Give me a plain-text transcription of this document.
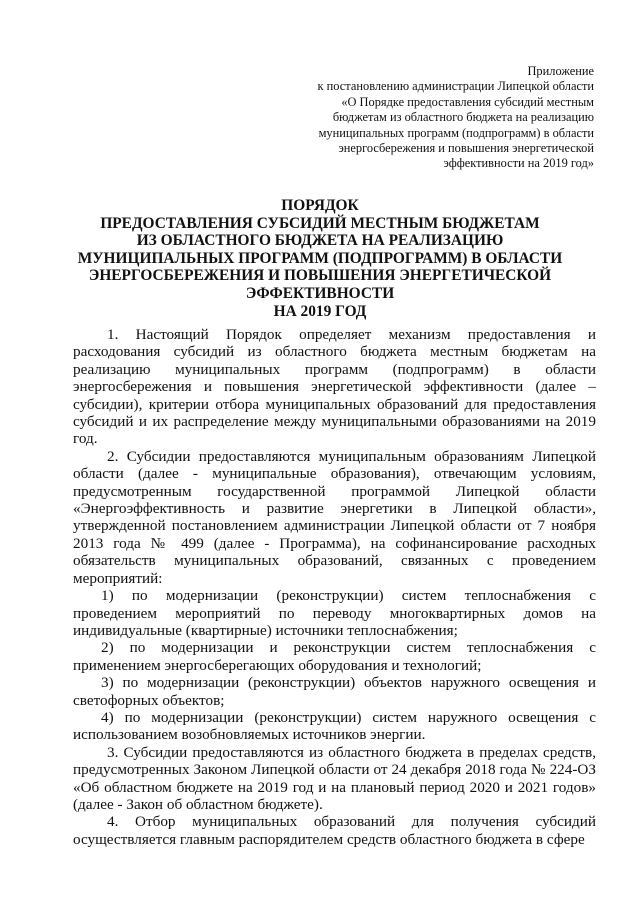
Приложение
к постановлению администрации Липецкой области
«О Порядке предоставления субсидий местным
бюджетам из областного бюджета на реализацию
муниципальных программ (подпрограмм) в области
энергосбережения и повышения энергетической
эффективности на 2019 год»
ПОРЯДОК
ПРЕДОСТАВЛЕНИЯ СУБСИДИЙ МЕСТНЫМ БЮДЖЕТАМ
ИЗ ОБЛАСТНОГО БЮДЖЕТА НА РЕАЛИЗАЦИЮ
МУНИЦИПАЛЬНЫХ ПРОГРАММ (ПОДПРОГРАММ) В ОБЛАСТИ
ЭНЕРГОСБЕРЕЖЕНИЯ И ПОВЫШЕНИЯ ЭНЕРГЕТИЧЕСКОЙ
ЭФФЕКТИВНОСТИ
НА 2019 ГОД

1. Настоящий Порядок определяет механизм предоставления и расходования субсидий из областного бюджета местным бюджетам на реализацию муниципальных программ (подпрограмм) в области энергосбережения и повышения энергетической эффективности (далее – субсидии), критерии отбора муниципальных образований для предоставления субсидий и их распределение между муниципальными образованиями на 2019 год.

2. Субсидии предоставляются муниципальным образованиям Липецкой области (далее - муниципальные образования), отвечающим условиям, предусмотренным государственной программой Липецкой области «Энергоэффективность и развитие энергетики в Липецкой области», утвержденной постановлением администрации Липецкой области от 7 ноября 2013 года № 499 (далее - Программа), на софинансирование расходных обязательств муниципальных образований, связанных с проведением мероприятий:

1) по модернизации (реконструкции) систем теплоснабжения с проведением мероприятий по переводу многоквартирных домов на индивидуальные (квартирные) источники теплоснабжения;

2) по модернизации и реконструкции систем теплоснабжения с применением энергосберегающих оборудования и технологий;

3) по модернизации (реконструкции) объектов наружного освещения и светофорных объектов;

4) по модернизации (реконструкции) систем наружного освещения с использованием возобновляемых источников энергии.

3. Субсидии предоставляются из областного бюджета в пределах средств, предусмотренных Законом Липецкой области от 24 декабря 2018 года № 224-ОЗ «Об областном бюджете на 2019 год и на плановый период 2020 и 2021 годов» (далее - Закон об областном бюджете).

4. Отбор муниципальных образований для получения субсидий осуществляется главным распорядителем средств областного бюджета в сфере
